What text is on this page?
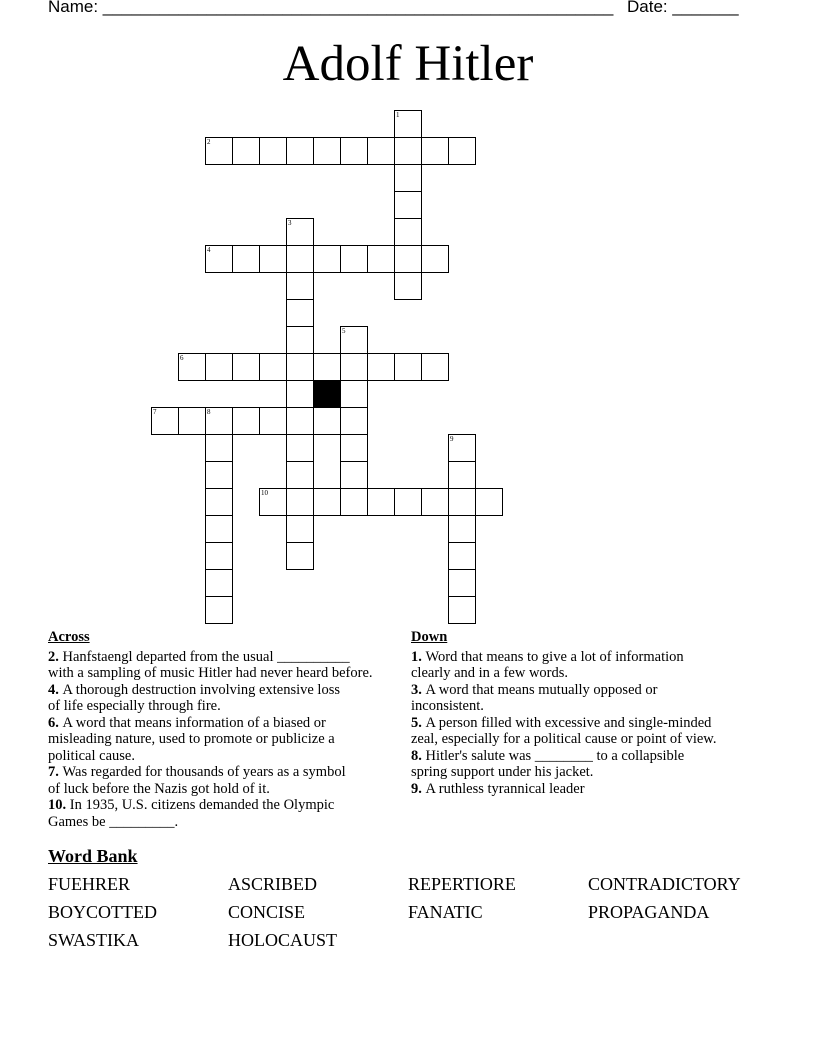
Name: ______________________________________________________ Date: _______
Adolf Hitler
1
2
3
4
5
6
7	8
9
10
Across
2. Hanfstaengl departed from the usual __________
with a sampling of music Hitler had never heard before.
4. A thorough destruction involving extensive loss
of life especially through fire.
6. A word that means information of a biased or
misleading nature, used to promote or publicize a
political cause.
7. Was regarded for thousands of years as a symbol
of luck before the Nazis got hold of it.
10. In 1935, U.S. citizens demanded the Olympic
Games be _________.
Down
1. Word that means to give a lot of information
clearly and in a few words.
3. A word that means mutually opposed or
inconsistent.
5. A person filled with excessive and single-minded
zeal, especially for a political cause or point of view.
8. Hitler's salute was ________ to a collapsible
spring support under his jacket.
9. A ruthless tyrannical leader
Word Bank
FUEHRER	ASCRIBED	REPERTIORE	CONTRADICTORY
BOYCOTTED	CONCISE	FANATIC	PROPAGANDA
SWASTIKA	HOLOCAUST
